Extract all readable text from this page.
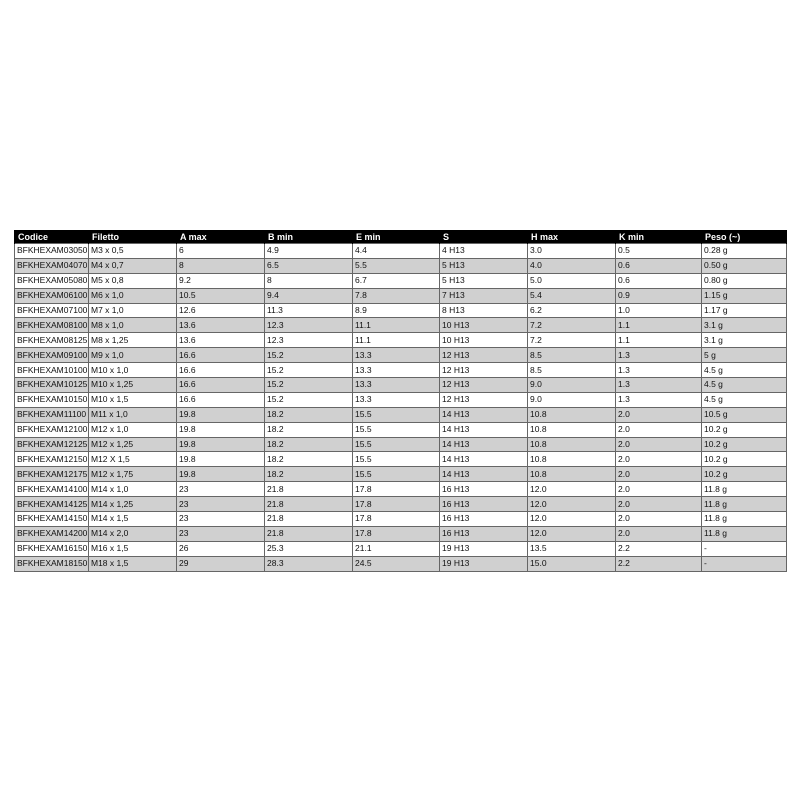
Codice	Filetto	A max	B min	E min	S	H max	K min	Peso (~)
BFKHEXAM03050	M3 x 0,5	6	4.9	4.4	4 H13	3.0	0.5	0.28 g
BFKHEXAM04070	M4 x 0,7	8	6.5	5.5	5 H13	4.0	0.6	0.50 g
BFKHEXAM05080	M5 x 0,8	9.2	8	6.7	5 H13	5.0	0.6	0.80 g
BFKHEXAM06100	M6 x 1,0	10.5	9.4	7.8	7 H13	5.4	0.9	1.15 g
BFKHEXAM07100	M7 x 1,0	12.6	11.3	8.9	8 H13	6.2	1.0	1.17 g
BFKHEXAM08100	M8 x 1,0	13.6	12.3	11.1	10 H13	7.2	1.1	3.1 g
BFKHEXAM08125	M8 x 1,25	13.6	12.3	11.1	10 H13	7.2	1.1	3.1 g
BFKHEXAM09100	M9 x 1,0	16.6	15.2	13.3	12 H13	8.5	1.3	5 g
BFKHEXAM10100	M10 x 1,0	16.6	15.2	13.3	12 H13	8.5	1.3	4.5 g
BFKHEXAM10125	M10 x 1,25	16.6	15.2	13.3	12 H13	9.0	1.3	4.5 g
BFKHEXAM10150	M10 x 1,5	16.6	15.2	13.3	12 H13	9.0	1.3	4.5 g
BFKHEXAM11100	M11 x 1,0	19.8	18.2	15.5	14 H13	10.8	2.0	10.5 g
BFKHEXAM12100	M12 x 1,0	19.8	18.2	15.5	14 H13	10.8	2.0	10.2 g
BFKHEXAM12125	M12 x 1,25	19.8	18.2	15.5	14 H13	10.8	2.0	10.2 g
BFKHEXAM12150	M12 X 1,5	19.8	18.2	15.5	14 H13	10.8	2.0	10.2 g
BFKHEXAM12175	M12 x 1,75	19.8	18.2	15.5	14 H13	10.8	2.0	10.2 g
BFKHEXAM14100	M14 x 1,0	23	21.8	17.8	16 H13	12.0	2.0	11.8 g
BFKHEXAM14125	M14 x 1,25	23	21.8	17.8	16 H13	12.0	2.0	11.8 g
BFKHEXAM14150	M14 x 1,5	23	21.8	17.8	16 H13	12.0	2.0	11.8 g
BFKHEXAM14200	M14 x 2,0	23	21.8	17.8	16 H13	12.0	2.0	11.8 g
BFKHEXAM16150	M16 x 1,5	26	25.3	21.1	19 H13	13.5	2.2	-
BFKHEXAM18150	M18 x 1,5	29	28.3	24.5	19 H13	15.0	2.2	-
